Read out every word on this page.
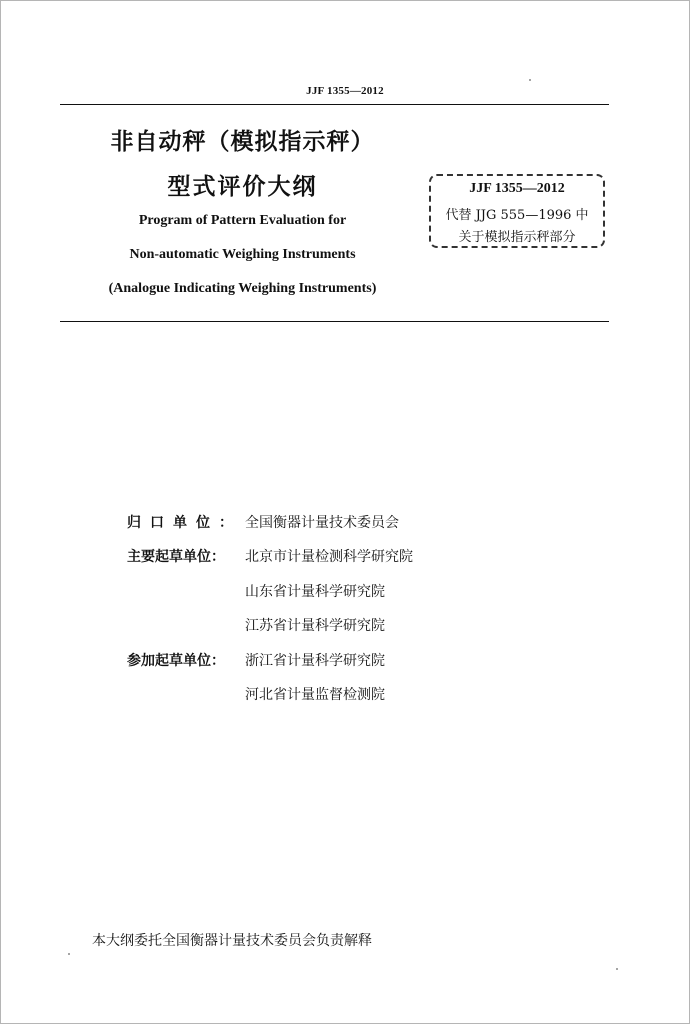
JJF 1355—2012
非自动秤（模拟指示秤）
型式评价大纲
Program of Pattern Evaluation for
Non-automatic Weighing Instruments
(Analogue Indicating Weighing Instruments)
JJF 1355—2012
代替 JJG 555—1996 中
关于模拟指示秤部分
归口单位： 全国衡器计量技术委员会
主要起草单位： 北京市计量检测科学研究院
山东省计量科学研究院
江苏省计量科学研究院
参加起草单位： 浙江省计量科学研究院
河北省计量监督检测院
本大纲委托全国衡器计量技术委员会负责解释
